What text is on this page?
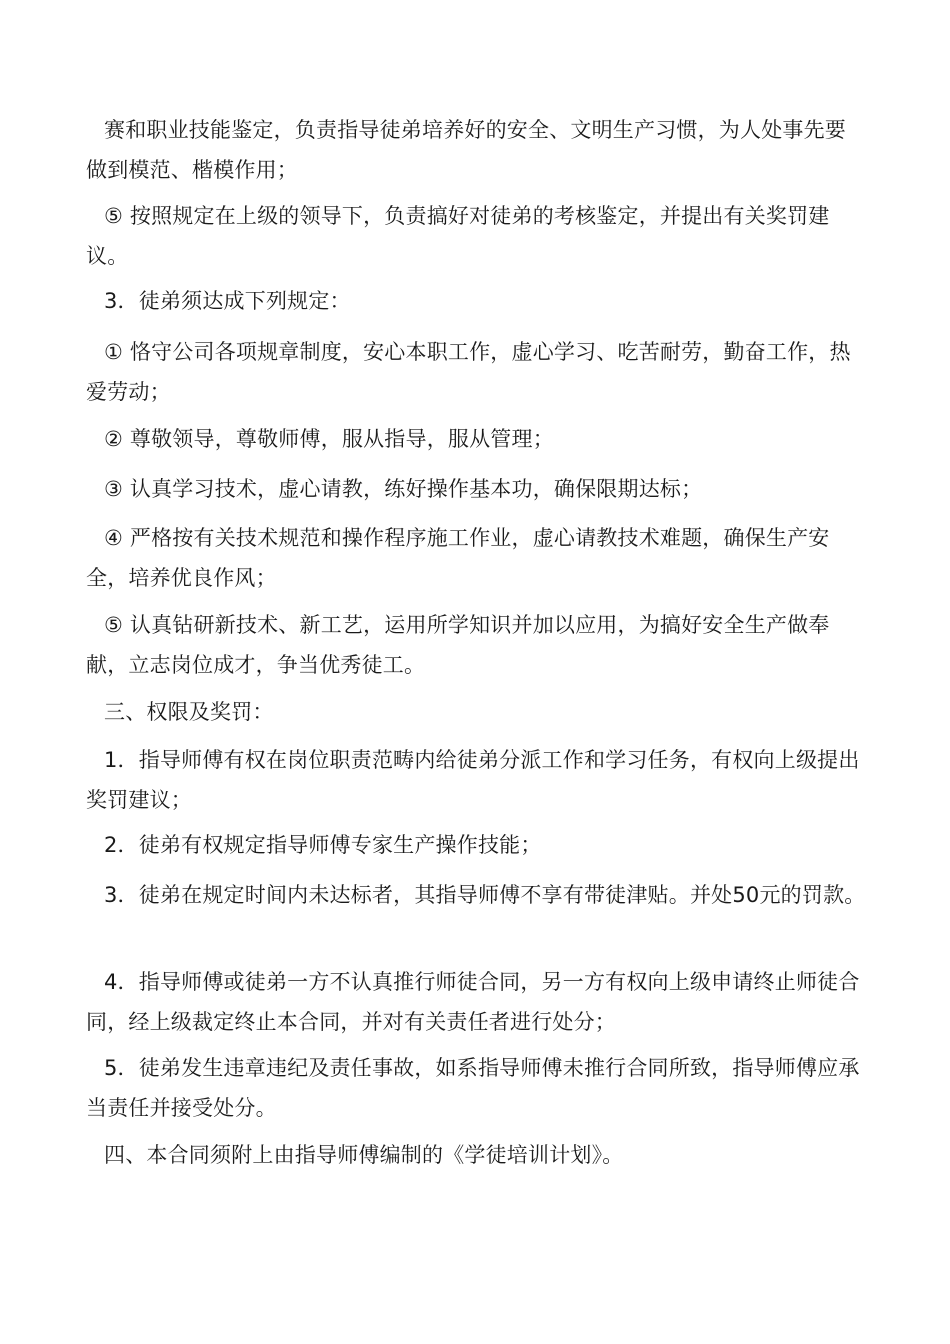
赛和职业技能鉴定，负责指导徒弟培养好的安全、文明生产习惯，为人处事先要做到模范、楷模作用；

⑤ 按照规定在上级的领导下，负责搞好对徒弟的考核鉴定，并提出有关奖罚建议。

3．徒弟须达成下列规定：

① 恪守公司各项规章制度，安心本职工作，虚心学习、吃苦耐劳，勤奋工作，热爱劳动；

② 尊敬领导，尊敬师傅，服从指导，服从管理；

③ 认真学习技术，虚心请教，练好操作基本功，确保限期达标；

④ 严格按有关技术规范和操作程序施工作业，虚心请教技术难题，确保生产安全，培养优良作风；

⑤ 认真钻研新技术、新工艺，运用所学知识并加以应用，为搞好安全生产做奉献，立志岗位成才，争当优秀徒工。

三、权限及奖罚：

1．指导师傅有权在岗位职责范畴内给徒弟分派工作和学习任务，有权向上级提出奖罚建议；

2．徒弟有权规定指导师傅专家生产操作技能；

3．徒弟在规定时间内未达标者，其指导师傅不享有带徒津贴。并处50元的罚款。

4．指导师傅或徒弟一方不认真推行师徒合同，另一方有权向上级申请终止师徒合同，经上级裁定终止本合同，并对有关责任者进行处分；

5．徒弟发生违章违纪及责任事故，如系指导师傅未推行合同所致，指导师傅应承当责任并接受处分。

四、本合同须附上由指导师傅编制的《学徒培训计划》。
